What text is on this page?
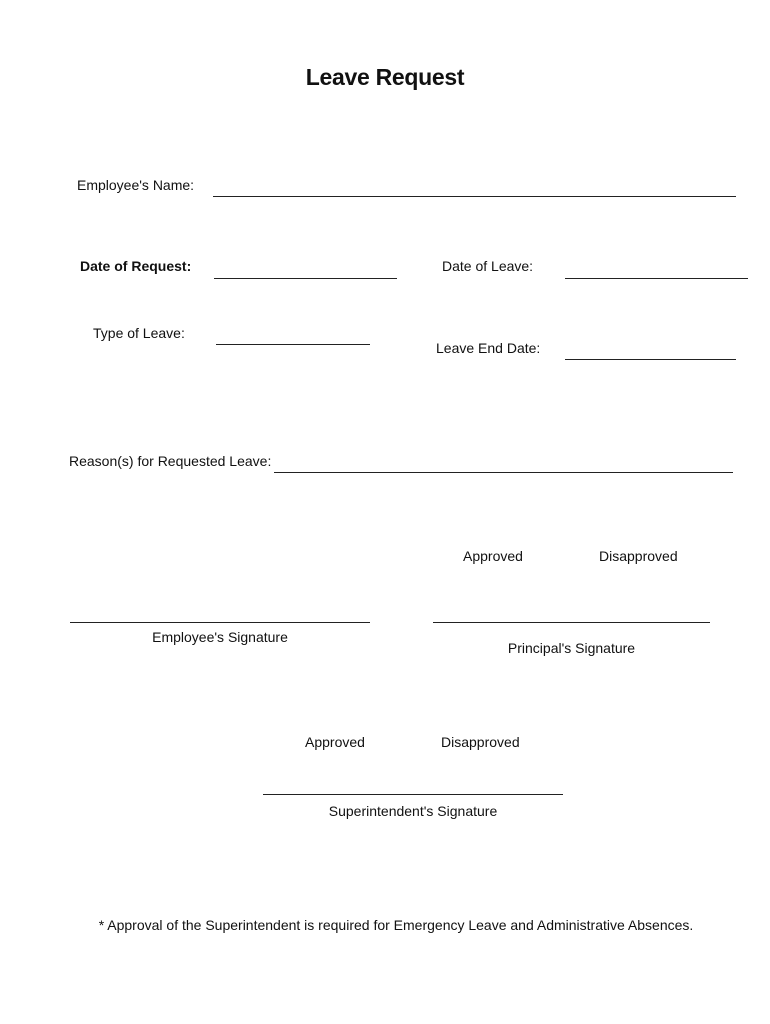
Leave Request
Employee's Name:
Date of Request:	Date of Leave:
Type of Leave:
Leave End Date:
Reason(s) for Requested Leave:
Approved	Disapproved
Employee's Signature
Principal's Signature
Approved	Disapproved
Superintendent's Signature
* Approval of the Superintendent is required for Emergency Leave and Administrative Absences.
